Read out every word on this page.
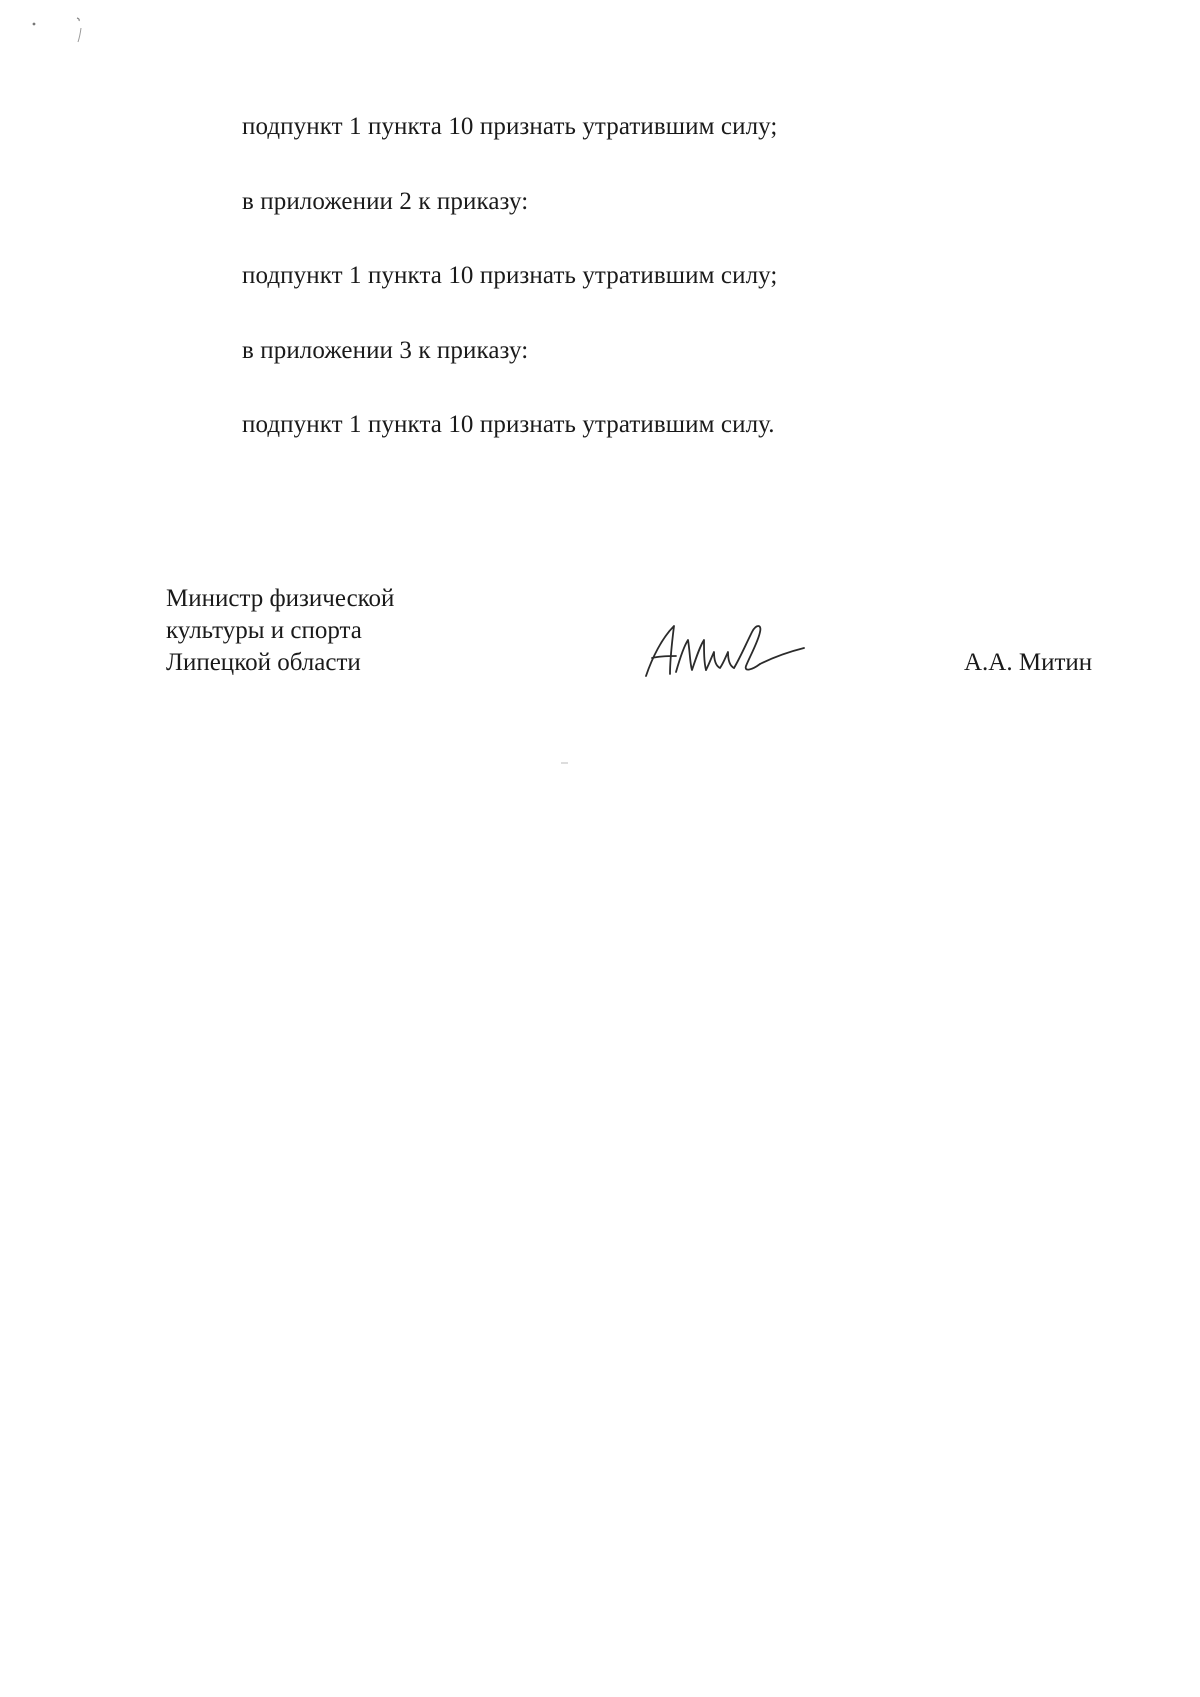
подпункт 1 пункта 10 признать утратившим силу;
в приложении 2 к приказу:
подпункт 1 пункта 10 признать утратившим силу;
в приложении 3 к приказу:
подпункт 1 пункта 10 признать утратившим силу.
Министр физической
культуры и спорта
Липецкой области	А.А. Митин
